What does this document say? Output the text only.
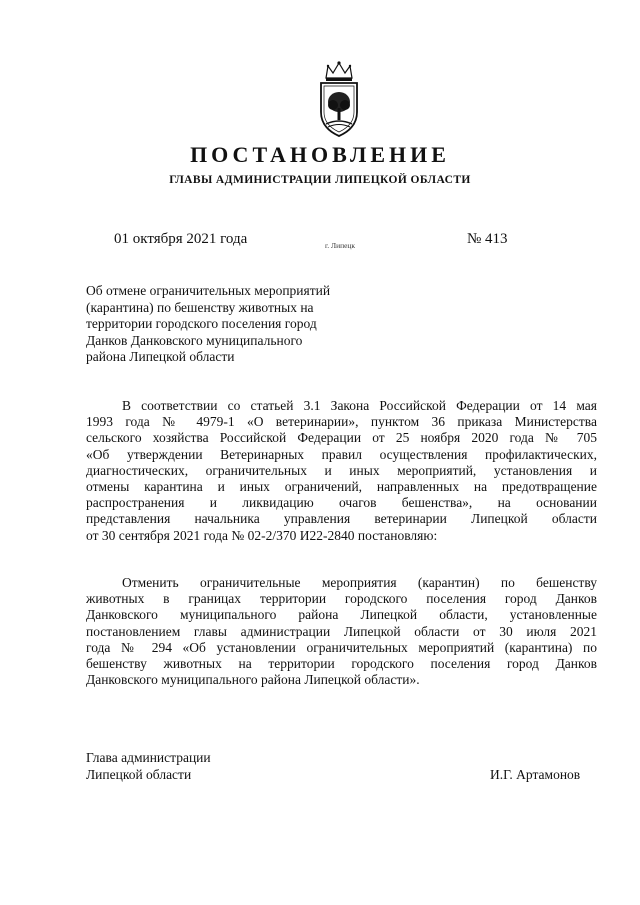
ПОСТАНОВЛЕНИЕ
ГЛАВЫ АДМИНИСТРАЦИИ ЛИПЕЦКОЙ ОБЛАСТИ
01 октября 2021 года	г. Липецк	№ 413
Об отмене ограничительных мероприятий
(карантина) по бешенству животных на
территории городского поселения город
Данков Данковского муниципального
района Липецкой области
В соответствии со статьей 3.1 Закона Российской Федерации от 14 мая
1993 года № 4979-1 «О ветеринарии», пунктом 36 приказа Министерства
сельского хозяйства Российской Федерации от 25 ноября 2020 года № 705
«Об утверждении Ветеринарных правил осуществления профилактических,
диагностических, ограничительных и иных мероприятий, установления и
отмены карантина и иных ограничений, направленных на предотвращение
распространения и ликвидацию очагов бешенства», на основании
представления начальника управления ветеринарии Липецкой области
от 30 сентября 2021 года № 02-2/370 И22-2840 постановляю:
Отменить ограничительные мероприятия (карантин) по бешенству
животных в границах территории городского поселения город Данков
Данковского муниципального района Липецкой области, установленные
постановлением главы администрации Липецкой области от 30 июля 2021
года № 294 «Об установлении ограничительных мероприятий (карантина) по
бешенству животных на территории городского поселения город Данков
Данковского муниципального района Липецкой области».
Глава администрации
Липецкой области	И.Г. Артамонов
